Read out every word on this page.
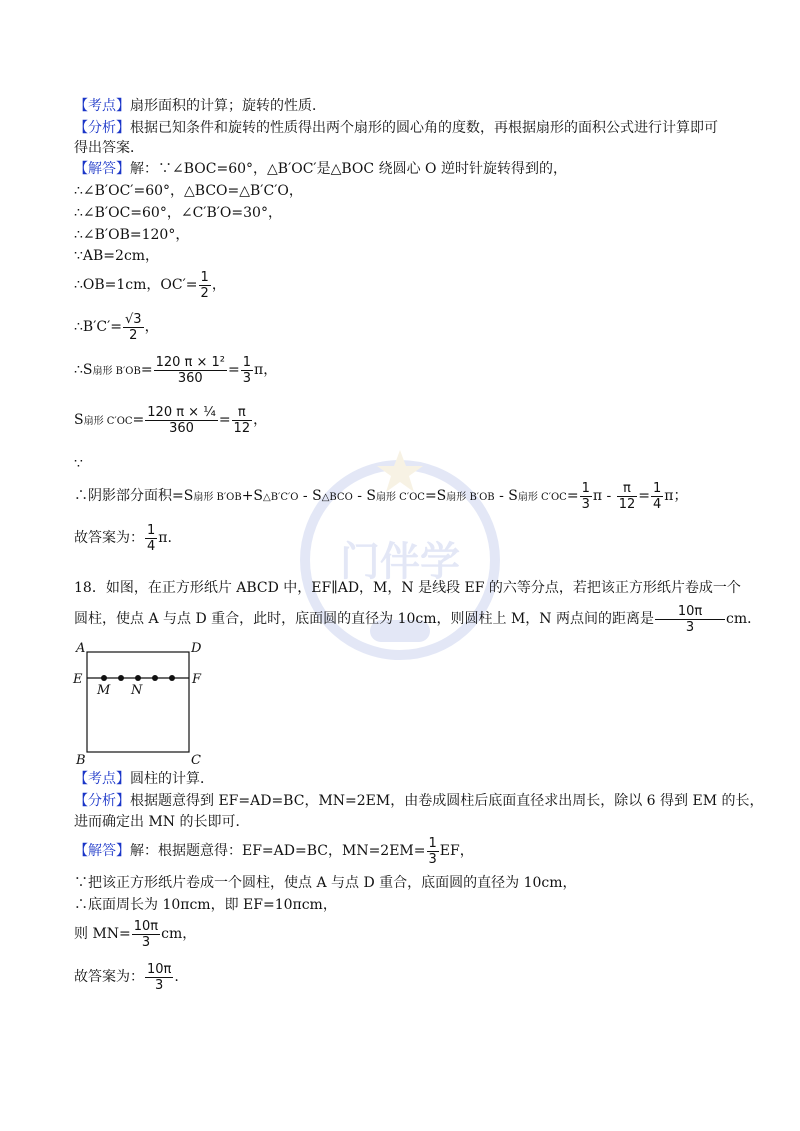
门伴学
【考点】扇形面积的计算；旋转的性质．
【分析】根据已知条件和旋转的性质得出两个扇形的圆心角的度数，再根据扇形的面积公式进行计算即可
得出答案．
【解答】解：∵∠BOC=60°，△B′OC′是△BOC 绕圆心 O 逆时针旋转得到的，
∴∠B′OC′=60°，△BCO=△B′C′O，
∴∠B′OC=60°，∠C′B′O=30°，
∴∠B′OB=120°，
∵AB=2cm，
∴OB=1cm，$OC'= \frac{1}{2}$ ，
∴B′C′= $\frac{√3}{2}$ ，
∴S扇形 $B'OB= \frac{\text{120 π × 1²}}{360} = \frac{1}{3}$ π，
S扇形 $C'OC= \frac{\text{120 π × ¼}}{360} = \frac{\pi}{12}$ ，
∵
∴阴影部分面积=S扇形 B′OB+S△B′C′O - S△BCO - S扇形 C′OC=S扇形 B′OB - S扇形 $C'OC= \frac{1}{3}$ $\pi - \frac{\pi}{12} = \frac{1}{4}$ π；
故答案为： $\frac{1}{4} \pi$.
18．如图，在正方形纸片 ABCD 中，EF∥AD，M，N 是线段 EF 的六等分点，若把该正方形纸片卷成一个
圆柱，使点 A 与点 D 重合，此时，底面圆的直径为 10cm，则圆柱上 M，N 两点间的距离是 $\frac{10\pi}{3}$ cm．
A	D
E	F
M N
B	C
【考点】圆柱的计算．
【分析】根据题意得到 EF=AD=BC，MN=2EM，由卷成圆柱后底面直径求出周长，除以 6 得到 EM 的长，
进而确定出 MN 的长即可．
【解答】解：根据题意得：EF=AD=BC，$MN=2EM= \frac{1}{3}$ EF，
∵把该正方形纸片卷成一个圆柱，使点 A 与点 D 重合，底面圆的直径为 10cm，
∴底面周长为 10πcm，即 EF=10πcm，
则 $MN= \frac{10\pi}{3}$ cm，
故答案为： $\frac{10\pi}{3}$ .
